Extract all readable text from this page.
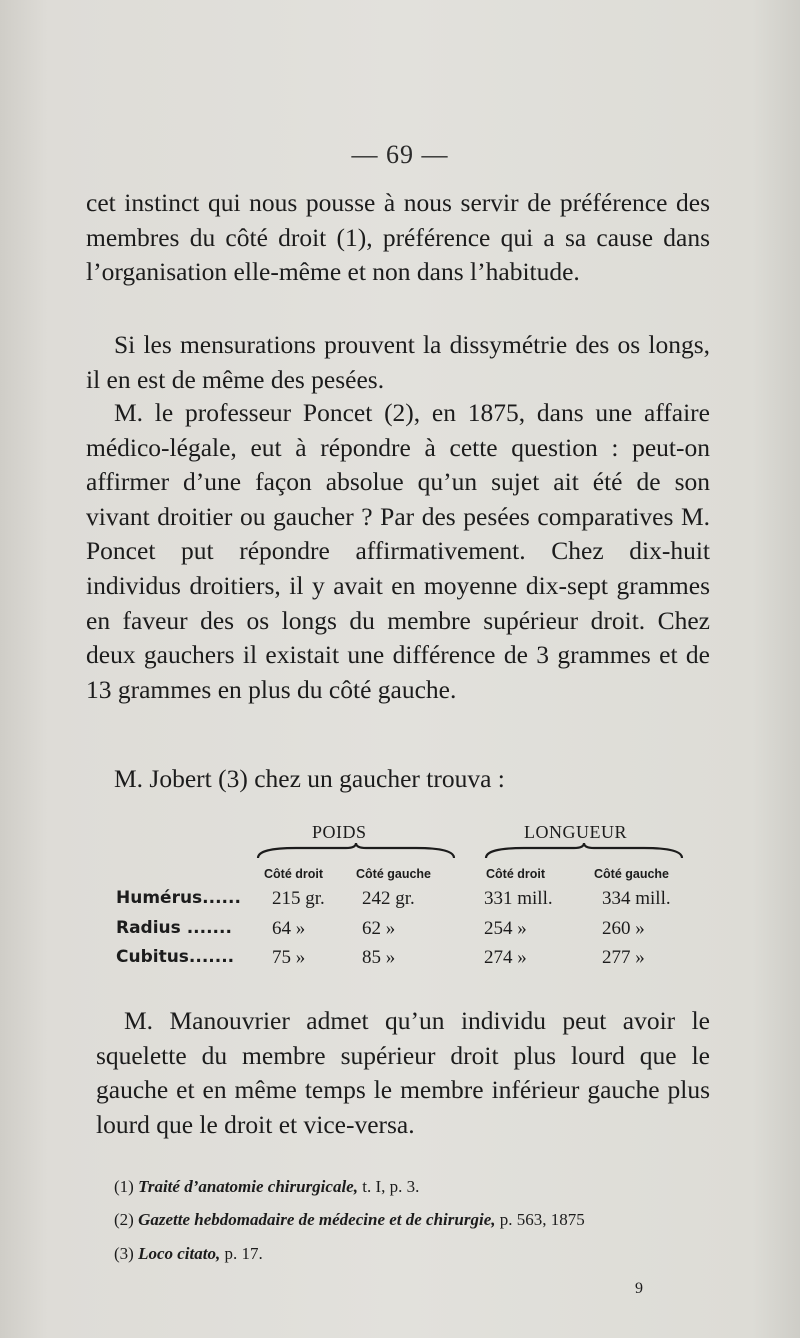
— 69 —

cet instinct qui nous pousse à nous servir de préférence des membres du côté droit (1), préférence qui a sa cause dans l’organisation elle-même et non dans l’habitude.

Si les mensurations prouvent la dissymétrie des os longs, il en est de même des pesées.

M. le professeur Poncet (2), en 1875, dans une affaire médico-légale, eut à répondre à cette question : peut-on affirmer d’une façon absolue qu’un sujet ait été de son vivant droitier ou gaucher ? Par des pesées comparatives M. Poncet put répondre affirmativement. Chez dix-huit individus droitiers, il y avait en moyenne dix-sept grammes en faveur des os longs du membre supérieur droit. Chez deux gauchers il existait une différence de 3 grammes et de 13 grammes en plus du côté gauche.

M. Jobert (3) chez un gaucher trouva :

POIDS	LONGUEUR
Côté droit	Côté gauche	Côté droit	Côté gauche
Humérus...... 215 gr. 242 gr.	331 mill.	334 mill.
Radius ....... 64 »	62 »	254 »	260 »
Cubitus....... 75 »	85 »	274 »	277 »

M. Manouvrier admet qu’un individu peut avoir le squelette du membre supérieur droit plus lourd que le gauche et en même temps le membre inférieur gauche plus lourd que le droit et vice-versa.

(1) Traité d’anatomie chirurgicale, t. I, p. 3.

(2) Gazette hebdomadaire de médecine et de chirurgie, p. 563, 1875

(3) Loco citato, p. 17.

9
